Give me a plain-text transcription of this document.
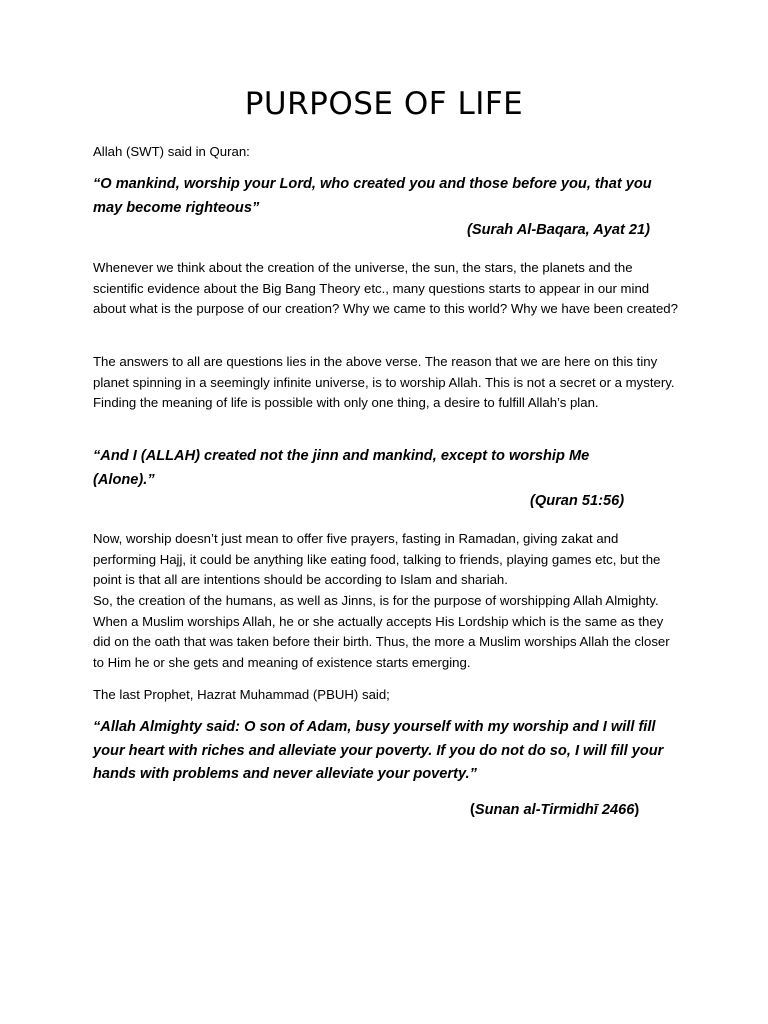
PURPOSE OF LIFE
Allah (SWT) said in Quran:
“O mankind, worship your Lord, who created you and those before you, that you may become righteous”
(Surah Al-Baqara, Ayat 21)

Whenever we think about the creation of the universe, the sun, the stars, the planets and the scientific evidence about the Big Bang Theory etc., many questions starts to appear in our mind about what is the purpose of our creation? Why we came to this world? Why we have been created?

The answers to all are questions lies in the above verse. The reason that we are here on this tiny planet spinning in a seemingly infinite universe, is to worship Allah. This is not a secret or a mystery. Finding the meaning of life is possible with only one thing, a desire to fulfill Allah’s plan.

“And I (ALLAH) created not the jinn and mankind, except to worship Me (Alone).”
(Quran 51:56)

Now, worship doesn’t just mean to offer five prayers, fasting in Ramadan, giving zakat and performing Hajj, it could be anything like eating food, talking to friends, playing games etc, but the point is that all are intentions should be according to Islam and shariah.

So, the creation of the humans, as well as Jinns, is for the purpose of worshipping Allah Almighty. When a Muslim worships Allah, he or she actually accepts His Lordship which is the same as they did on the oath that was taken before their birth. Thus, the more a Muslim worships Allah the closer to Him he or she gets and meaning of existence starts emerging.

The last Prophet, Hazrat Muhammad (PBUH) said;

“Allah Almighty said: O son of Adam, busy yourself with my worship and I will fill your heart with riches and alleviate your poverty. If you do not do so, I will fill your hands with problems and never alleviate your poverty.”
(Sunan al-Tirmidhī 2466)
